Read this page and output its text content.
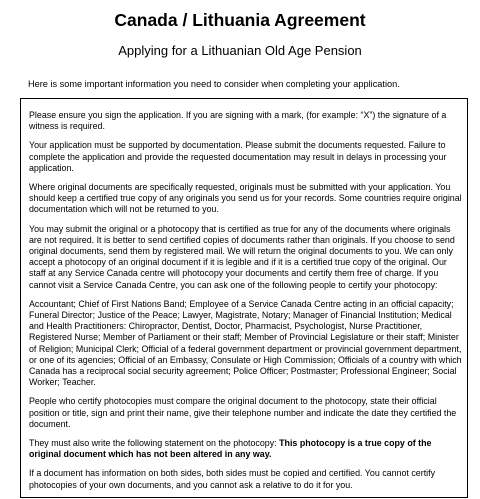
Canada / Lithuania Agreement
Applying for a Lithuanian Old Age Pension
Here is some important information you need to consider when completing your application.

Please ensure you sign the application. If you are signing with a mark, (for example: “X”) the signature of a witness is required.

Your application must be supported by documentation. Please submit the documents requested. Failure to complete the application and provide the requested documentation may result in delays in processing your application.

Where original documents are specifically requested, originals must be submitted with your application. You should keep a certified true copy of any originals you send us for your records. Some countries require original documentation which will not be returned to you.

You may submit the original or a photocopy that is certified as true for any of the documents where originals are not required. It is better to send certified copies of documents rather than originals. If you choose to send original documents, send them by registered mail. We will return the original documents to you. We can only accept a photocopy of an original document if it is legible and if it is a certified true copy of the original. Our staff at any Service Canada centre will photocopy your documents and certify them free of charge. If you cannot visit a Service Canada Centre, you can ask one of the following people to certify your photocopy:

Accountant; Chief of First Nations Band; Employee of a Service Canada Centre acting in an official capacity; Funeral Director; Justice of the Peace; Lawyer, Magistrate, Notary; Manager of Financial Institution; Medical and Health Practitioners: Chiropractor, Dentist, Doctor, Pharmacist, Psychologist, Nurse Practitioner, Registered Nurse; Member of Parliament or their staff; Member of Provincial Legislature or their staff; Minister of Religion; Municipal Clerk; Official of a federal government department or provincial government department, or one of its agencies; Official of an Embassy, Consulate or High Commission; Officials of a country with which Canada has a reciprocal social security agreement; Police Officer; Postmaster; Professional Engineer; Social Worker; Teacher.

People who certify photocopies must compare the original document to the photocopy, state their official position or title, sign and print their name, give their telephone number and indicate the date they certified the document.

They must also write the following statement on the photocopy: This photocopy is a true copy of the original document which has not been altered in any way.

If a document has information on both sides, both sides must be copied and certified. You cannot certify photocopies of your own documents, and you cannot ask a relative to do it for you.
